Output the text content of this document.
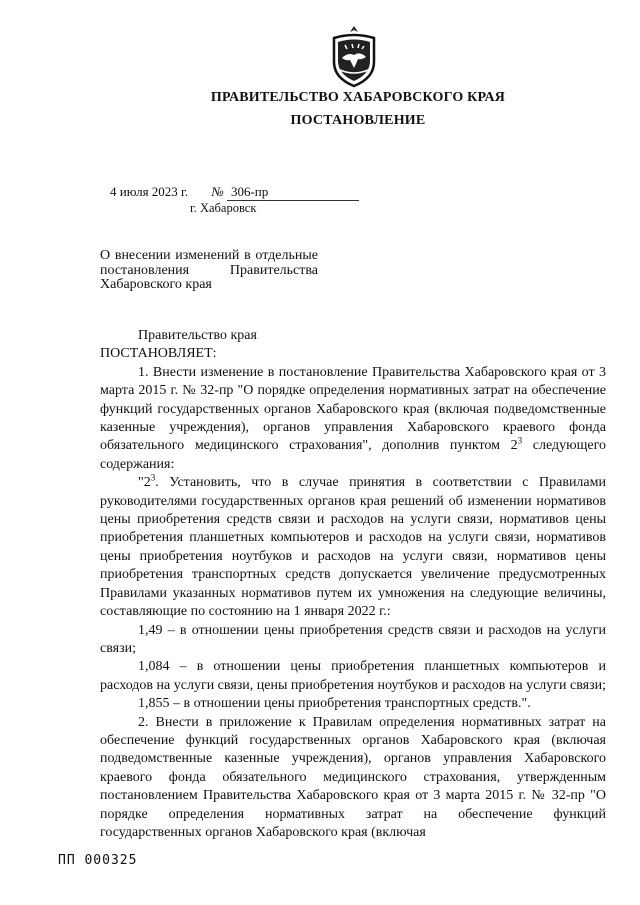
ПРАВИТЕЛЬСТВО ХАБАРОВСКОГО КРАЯ
ПОСТАНОВЛЕНИЕ
4 июля 2023 г. № 306-пр
г. Хабаровск
О внесении изменений в отдельные постановления Правительства Хабаровского края

Правительство края

ПОСТАНОВЛЯЕТ:

1. Внести изменение в постановление Правительства Хабаровского края от 3 марта 2015 г. № 32-пр "О порядке определения нормативных затрат на обеспечение функций государственных органов Хабаровского края (включая подведомственные казенные учреждения), органов управления Хабаровского краевого фонда обязательного медицинского страхования", дополнив пунктом $2^3$ следующего содержания:

"$2^3$. Установить, что в случае принятия в соответствии с Правилами руководителями государственных органов края решений об изменении нормативов цены приобретения средств связи и расходов на услуги связи, нормативов цены приобретения планшетных компьютеров и расходов на услуги связи, нормативов цены приобретения ноутбуков и расходов на услуги связи, нормативов цены приобретения транспортных средств допускается увеличение предусмотренных Правилами указанных нормативов путем их умножения на следующие величины, составляющие по состоянию на 1 января 2022 г.:

1,49 – в отношении цены приобретения средств связи и расходов на услуги связи;

1,084 – в отношении цены приобретения планшетных компьютеров и расходов на услуги связи, цены приобретения ноутбуков и расходов на услуги связи;

1,855 – в отношении цены приобретения транспортных средств.".

2. Внести в приложение к Правилам определения нормативных затрат на обеспечение функций государственных органов Хабаровского края (включая подведомственные казенные учреждения), органов управления Хабаровского краевого фонда обязательного медицинского страхования, утвержденным постановлением Правительства Хабаровского края от 3 марта 2015 г. № 32-пр "О порядке определения нормативных затрат на обеспечение функций государственных органов Хабаровского края (включая

ПП 000325
